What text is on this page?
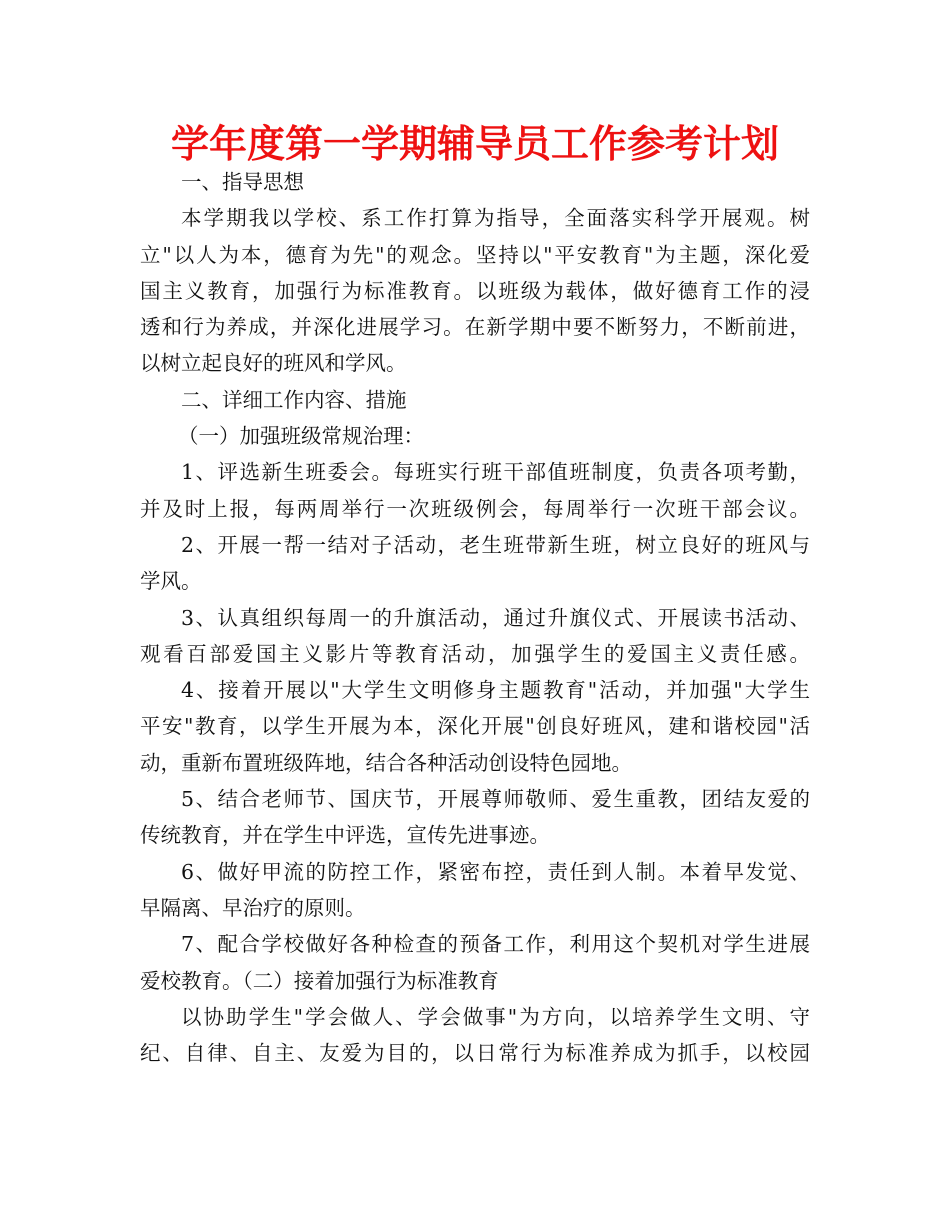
学年度第一学期辅导员工作参考计划
一、指导思想
本学期我以学校、系工作打算为指导，全面落实科学开展观。树
立"以人为本，德育为先"的观念。坚持以"平安教育"为主题，深化爱
国主义教育，加强行为标准教育。以班级为载体，做好德育工作的浸
透和行为养成，并深化进展学习。在新学期中要不断努力，不断前进，
以树立起良好的班风和学风。
二、详细工作内容、措施
（一）加强班级常规治理：
1、评选新生班委会。每班实行班干部值班制度，负责各项考勤，
并及时上报，每两周举行一次班级例会，每周举行一次班干部会议。
2、开展一帮一结对子活动，老生班带新生班，树立良好的班风与
学风。
3、认真组织每周一的升旗活动，通过升旗仪式、开展读书活动、
观看百部爱国主义影片等教育活动，加强学生的爱国主义责任感。
4、接着开展以"大学生文明修身主题教育"活动，并加强"大学生
平安"教育，以学生开展为本，深化开展"创良好班风，建和谐校园"活
动，重新布置班级阵地，结合各种活动创设特色园地。
5、结合老师节、国庆节，开展尊师敬师、爱生重教，团结友爱的
传统教育，并在学生中评选，宣传先进事迹。
6、做好甲流的防控工作，紧密布控，责任到人制。本着早发觉、
早隔离、早治疗的原则。
7、配合学校做好各种检查的预备工作，利用这个契机对学生进展
爱校教育。（二）接着加强行为标准教育
以协助学生"学会做人、学会做事"为方向，以培养学生文明、守
纪、自律、自主、友爱为目的，以日常行为标准养成为抓手，以校园
